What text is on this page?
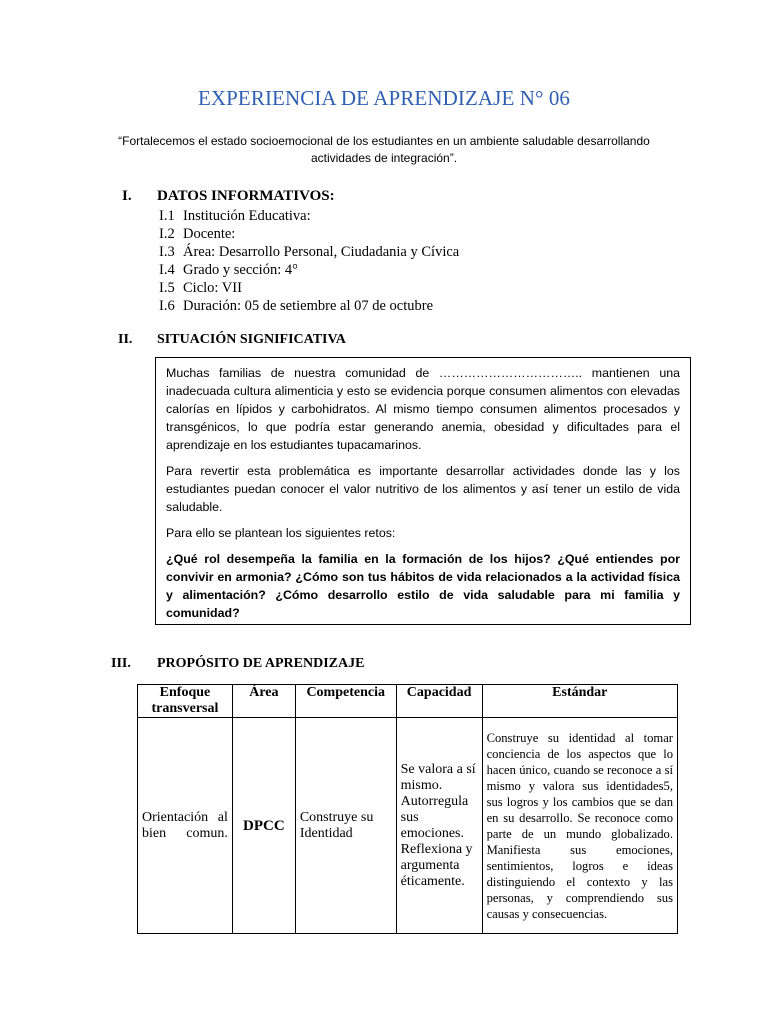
EXPERIENCIA DE APRENDIZAJE N° 06
“Fortalecemos el estado socioemocional de los estudiantes en un ambiente saludable desarrollando actividades de integración”.
I. DATOS INFORMATIVOS:
I.1 Institución Educativa:
I.2 Docente:
I.3 Área: Desarrollo Personal, Ciudadania y Cívica
I.4 Grado y sección: 4°
I.5 Ciclo: VII
I.6 Duración: 05 de setiembre al 07 de octubre
II. SITUACIÓN SIGNIFICATIVA

Muchas familias de nuestra comunidad de …………………………….. mantienen una inadecuada cultura alimenticia y esto se evidencia porque consumen alimentos con elevadas calorías en lípidos y carbohidratos. Al mismo tiempo consumen alimentos procesados y transgénicos, lo que podría estar generando anemia, obesidad y dificultades para el aprendizaje en los estudiantes tupacamarinos.

Para revertir esta problemática es importante desarrollar actividades donde las y los estudiantes puedan conocer el valor nutritivo de los alimentos y así tener un estilo de vida saludable.

Para ello se plantean los siguientes retos:

¿Qué rol desempeña la familia en la formación de los hijos? ¿Qué entiendes por convivir en armonia? ¿Cómo son tus hábitos de vida relacionados a la actividad física y alimentación? ¿Cómo desarrollo estilo de vida saludable para mi familia y comunidad?

III. PROPÓSITO DE APRENDIZAJE
Enfoque transversal	Área	Competencia	Capacidad	Estándar
Orientación al bien comun.	DPCC	Construye su Identidad	Se valora a sí mismo. Autorregula sus emociones. Reflexiona y argumenta éticamente.	Construye su identidad al tomar conciencia de los aspectos que lo hacen único, cuando se reconoce a sí mismo y valora sus identidades5, sus logros y los cambios que se dan en su desarrollo. Se reconoce como parte de un mundo globalizado. Manifiesta sus emociones, sentimientos, logros e ideas distinguiendo el contexto y las personas, y comprendiendo sus causas y consecuencias.
